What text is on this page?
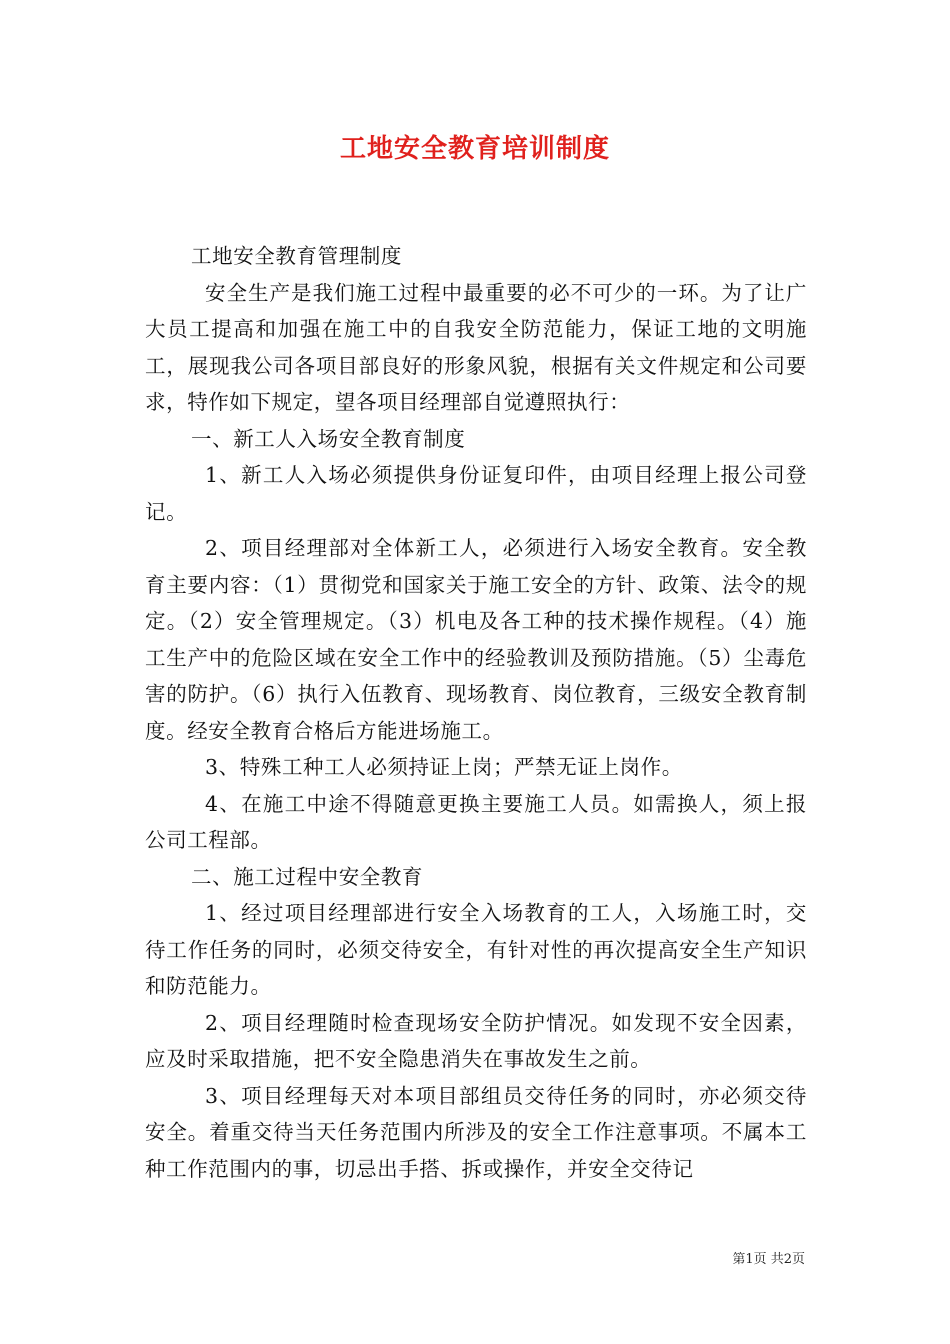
工地安全教育培训制度

工地安全教育管理制度

安全生产是我们施工过程中最重要的必不可少的一环。为了让广大员工提高和加强在施工中的自我安全防范能力，保证工地的文明施工，展现我公司各项目部良好的形象风貌，根据有关文件规定和公司要求，特作如下规定，望各项目经理部自觉遵照执行：

一、新工人入场安全教育制度

1、新工人入场必须提供身份证复印件，由项目经理上报公司登记。

2、项目经理部对全体新工人，必须进行入场安全教育。安全教育主要内容：（1）贯彻党和国家关于施工安全的方针、政策、法令的规定。（2）安全管理规定。（3）机电及各工种的技术操作规程。（4）施工生产中的危险区域在安全工作中的经验教训及预防措施。（5）尘毒危害的防护。（6）执行入伍教育、现场教育、岗位教育，三级安全教育制度。经安全教育合格后方能进场施工。

3、特殊工种工人必须持证上岗；严禁无证上岗作。

4、在施工中途不得随意更换主要施工人员。如需换人，须上报公司工程部。

二、施工过程中安全教育

1、经过项目经理部进行安全入场教育的工人，入场施工时，交待工作任务的同时，必须交待安全，有针对性的再次提高安全生产知识和防范能力。

2、项目经理随时检查现场安全防护情况。如发现不安全因素，应及时采取措施，把不安全隐患消失在事故发生之前。

3、项目经理每天对本项目部组员交待任务的同时，亦必须交待安全。着重交待当天任务范围内所涉及的安全工作注意事项。不属本工种工作范围内的事，切忌出手搭、拆或操作，并安全交待记

第1页 共2页
